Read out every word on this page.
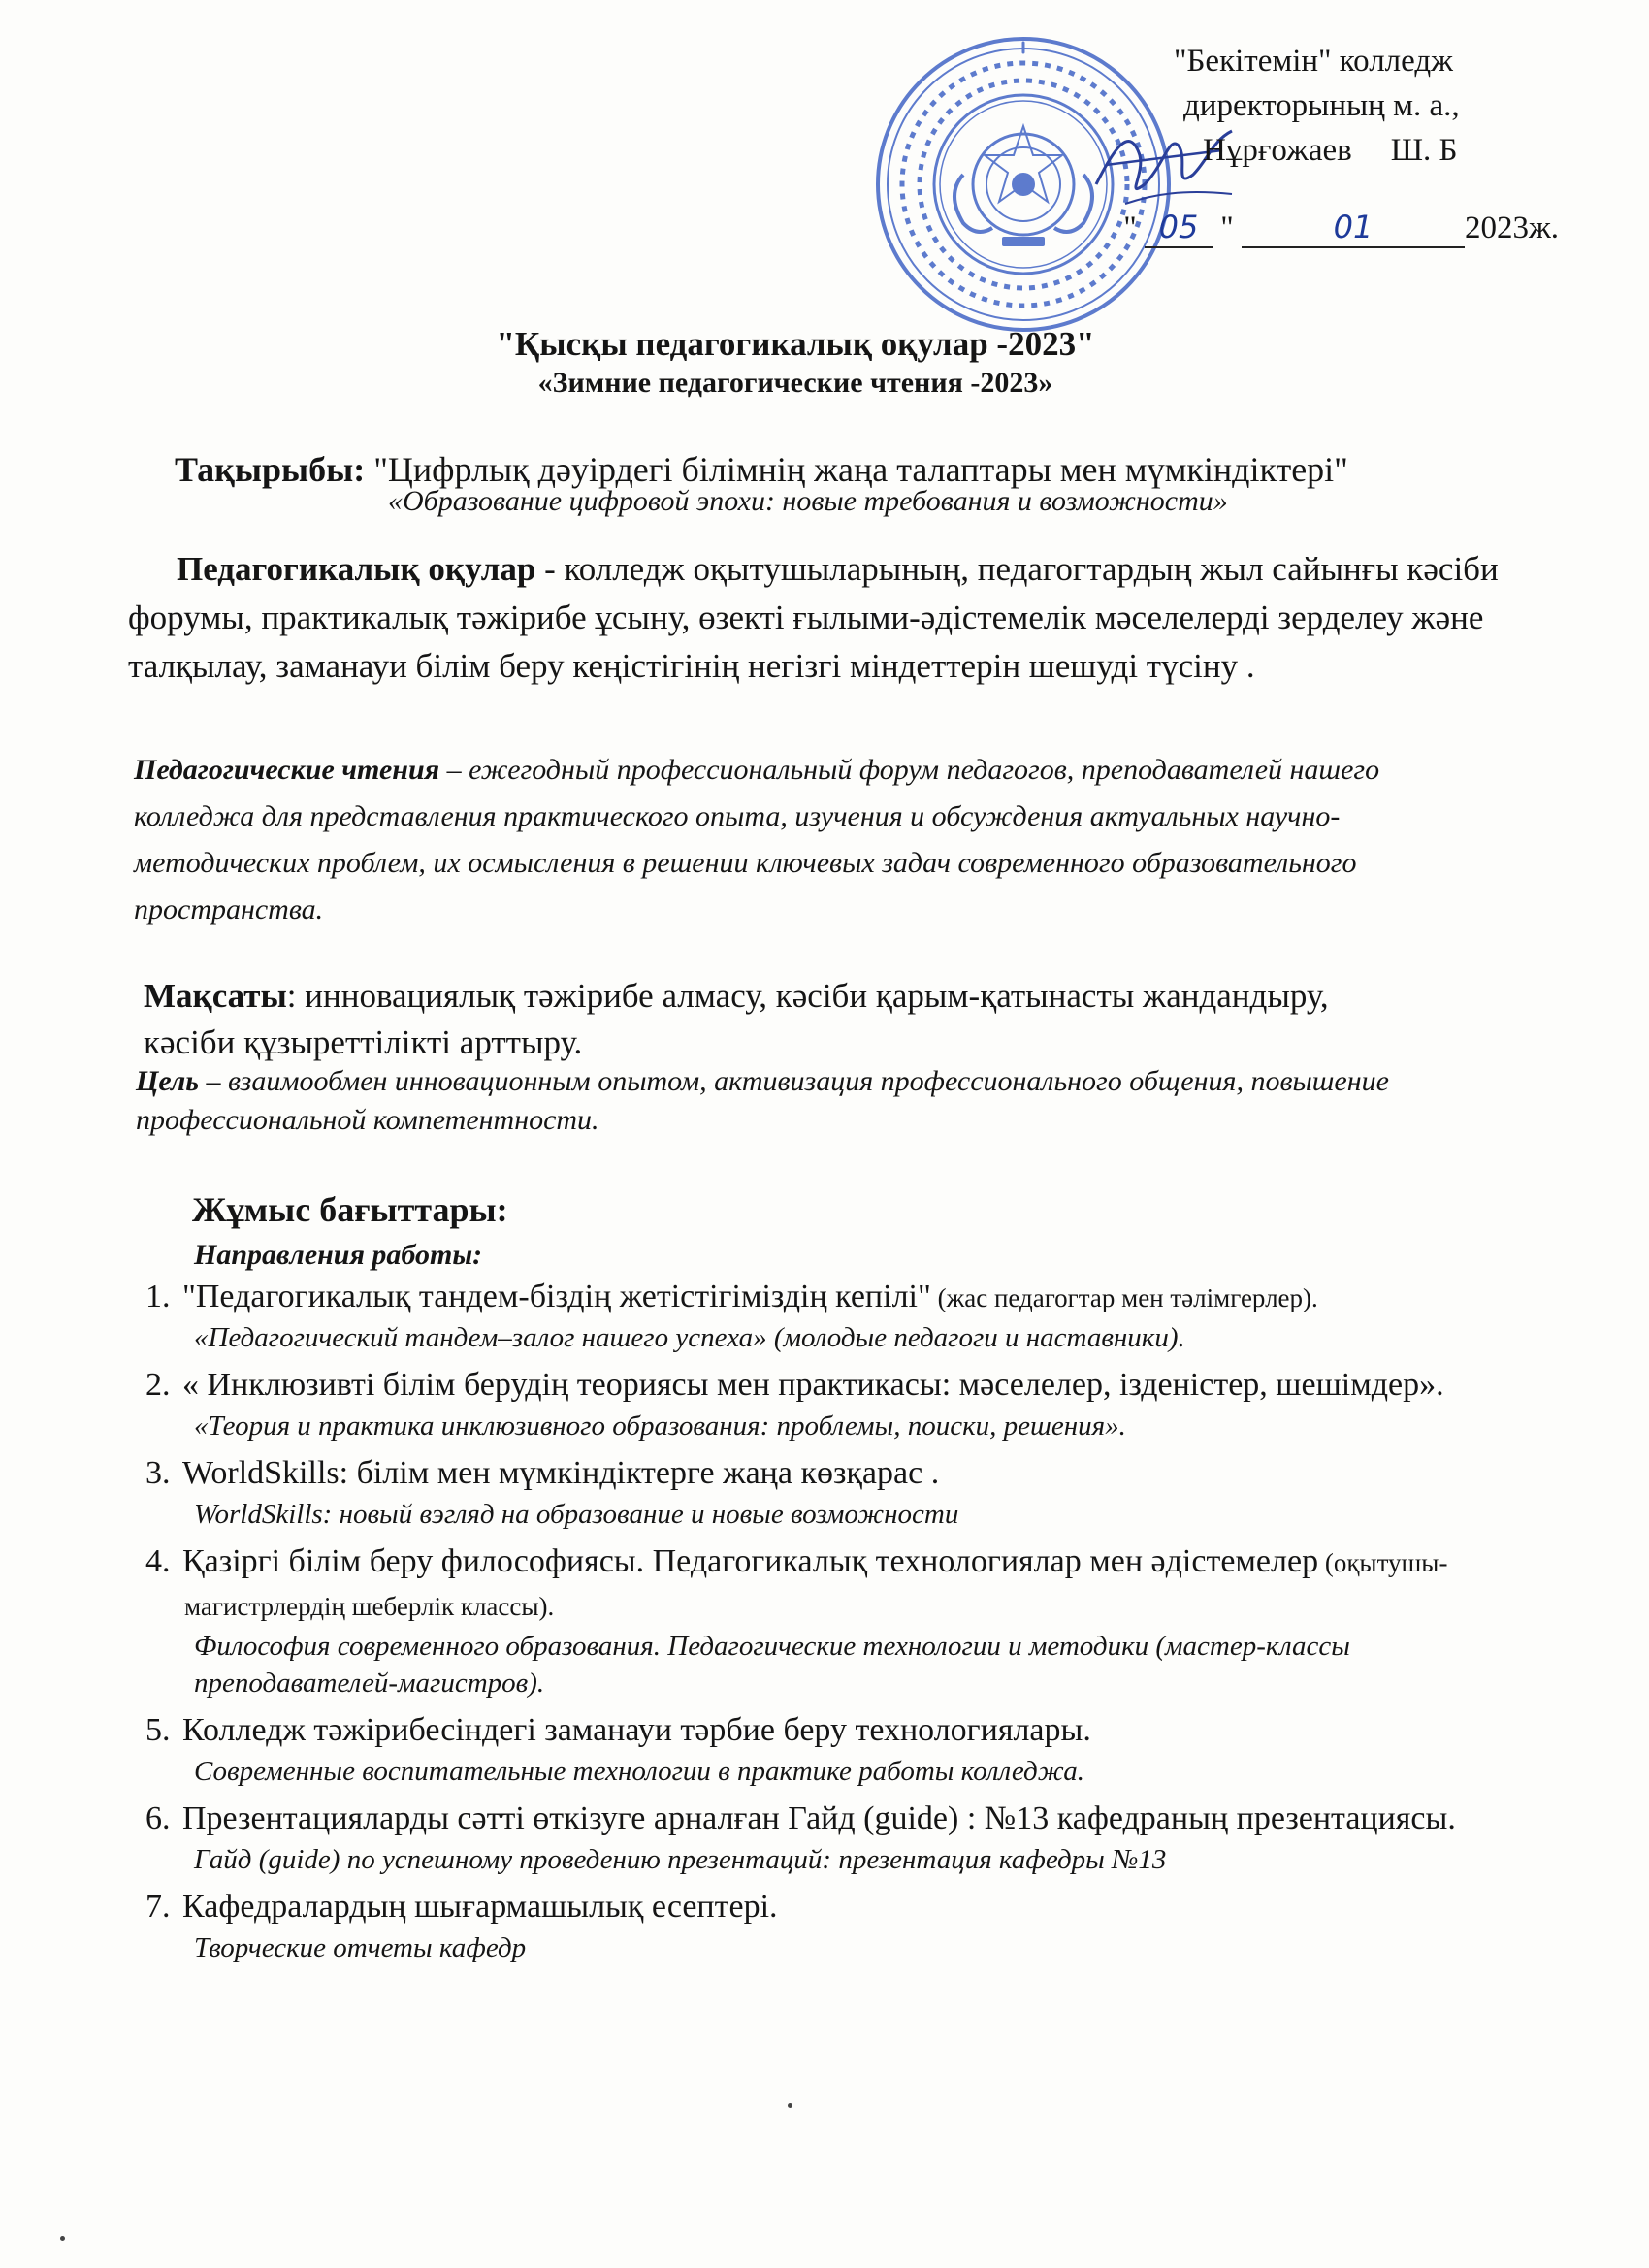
"Бекітемін" колледж
директорының м. а.,
Нұрғожаев Ш. Б
" 05 "	01	2023ж.
"Қысқы педагогикалық оқулар -2023"
«Зимние педагогические чтения -2023»
Тақырыбы: "Цифрлық дәуірдегі білімнің жаңа талаптары мен мүмкіндіктері"
«Образование цифровой эпохи: новые требования и возможности»
Педагогикалық оқулар - колледж оқытушыларының, педагогтардың жыл сайынғы кәсіби форумы, практикалық тәжірибе ұсыну, өзекті ғылыми-әдістемелік мәселелерді зерделеу және талқылау, заманауи білім беру кеңістігінің негізгі міндеттерін шешуді түсіну .
Педагогические чтения – ежегодный профессиональный форум педагогов, преподавателей нашего колледжа для представления практического опыта, изучения и обсуждения актуальных научно-методических проблем, их осмысления в решении ключевых задач современного образовательного пространства.
Мақсаты: инновациялық тәжірибе алмасу, кәсіби қарым-қатынасты жандандыру, кәсіби құзыреттілікті арттыру.
Цель – взаимообмен инновационным опытом, активизация профессионального общения, повышение профессиональной компетентности.
Жұмыс бағыттары:
Направления работы:
1. "Педагогикалық тандем-біздің жетістігіміздің кепілі" (жас педагогтар мен тәлімгерлер).
«Педагогический тандем–залог нашего успеха» (молодые педагоги и наставники).
2. « Инклюзивті білім берудің теориясы мен практикасы: мәселелер, ізденістер, шешімдер».
«Теория и практика инклюзивного образования: проблемы, поиски, решения».
3. WorldSkills: білім мен мүмкіндіктерге жаңа көзқарас .
WorldSkills: новый вэгляд на образование и новые возможности
4. Қазіргі білім беру философиясы. Педагогикалық технологиялар мен әдістемелер (оқытушы-магистрлердің шеберлік классы).
Философия современного образования. Педагогические технологии и методики (мастер-классы преподавателей-магистров).
5. Колледж тәжірибесіндегі заманауи тәрбие беру технологиялары.
Современные воспитательные технологии в практике работы колледжа.
6. Презентацияларды сәтті өткізуге арналған Гайд (guide) : №13 кафедраның презентациясы.
Гайд (guide) по успешному проведению презентаций: презентация кафедры №13
7. Кафедралардың шығармашылық есептері.
Творческие отчеты кафедр
